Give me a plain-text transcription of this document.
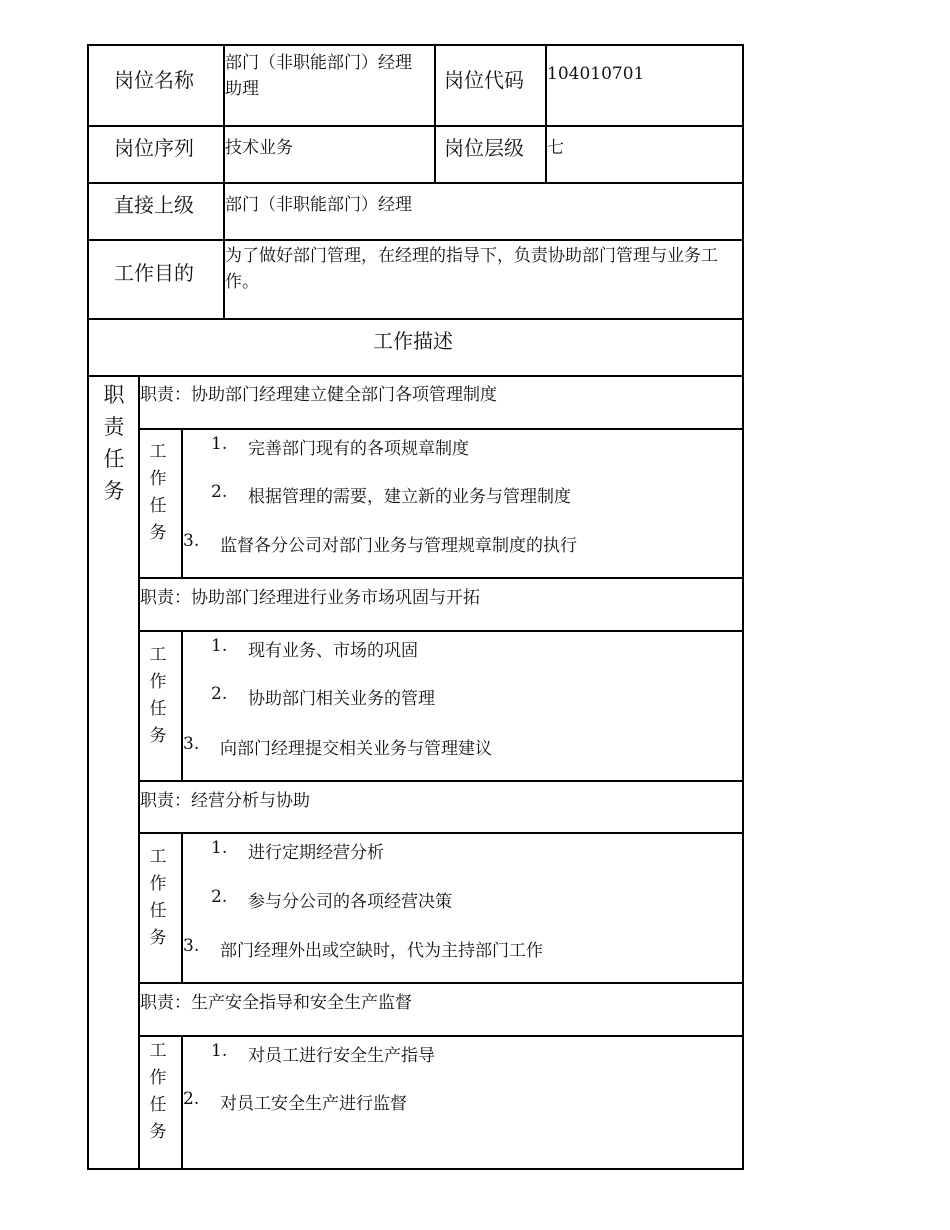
岗位名称
部门（非职能部门）经理助理	岗位代码 104010701
岗位序列 技术业务	岗位层级 七
直接上级 部门（非职能部门）经理
工作目的
为了做好部门管理，在经理的指导下，负责协助部门管理与业务工作。
工作描述
职责任务
职责：协助部门经理建立健全部门各项管理制度
工作任务
1. 完善部门现有的各项规章制度
2. 根据管理的需要，建立新的业务与管理制度
3. 监督各分公司对部门业务与管理规章制度的执行
职责：协助部门经理进行业务市场巩固与开拓
工作任务
1. 现有业务、市场的巩固
2. 协助部门相关业务的管理
3. 向部门经理提交相关业务与管理建议
职责：经营分析与协助
工作任务
1. 进行定期经营分析
2. 参与分公司的各项经营决策
3. 部门经理外出或空缺时，代为主持部门工作
职责：生产安全指导和安全生产监督
工作任务
1. 对员工进行安全生产指导
2. 对员工安全生产进行监督
